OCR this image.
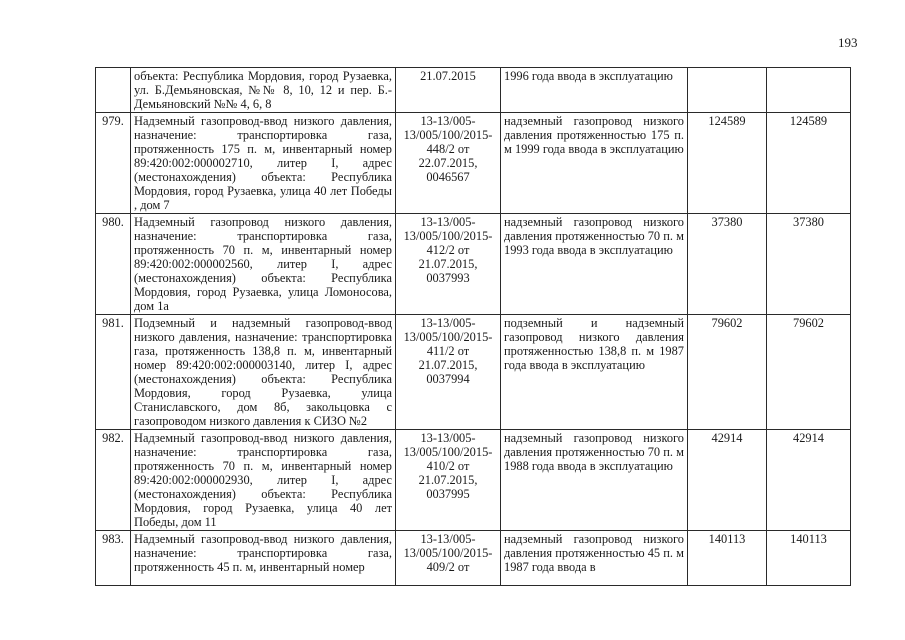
193
	объекта: Республика Мордовия, город Рузаевка, ул. Б.Демьяновская, №№ 8, 10, 12 и пер. Б.-Демьяновский №№ 4, 6, 8	21.07.2015	1996 года ввода в эксплуатацию		
979.	Надземный газопровод-ввод низкого давления, назначение: транспортировка газа, протяженность 175 п. м, инвентарный номер 89:420:002:000002710, литер I, адрес (местонахождения) объекта: Республика Мордовия, город Рузаевка, улица 40 лет Победы , дом 7	13-13/005-13/005/100/2015-448/2 от 22.07.2015, 0046567	надземный газопровод низкого давления протяженностью 175 п. м 1999 года ввода в эксплуатацию	124589	124589
980.	Надземный газопровод низкого давления, назначение: транспортировка газа, протяженность 70 п. м, инвентарный номер 89:420:002:000002560, литер I, адрес (местонахождения) объекта: Республика Мордовия, город Рузаевка, улица Ломоносова, дом 1а	13-13/005-13/005/100/2015-412/2 от 21.07.2015, 0037993	надземный газопровод низкого давления протяженностью 70 п. м 1993 года ввода в эксплуатацию	37380	37380
981.	Подземный и надземный газопровод-ввод низкого давления, назначение: транспортировка газа, протяженность 138,8 п. м, инвентарный номер 89:420:002:000003140, литер I, адрес (местонахождения) объекта: Республика Мордовия, город Рузаевка, улица Станиславского, дом 8б, закольцовка с газопроводом низкого давления к СИЗО №2	13-13/005-13/005/100/2015-411/2 от 21.07.2015, 0037994	подземный и надземный газопровод низкого давления протяженностью 138,8 п. м 1987 года ввода в эксплуатацию	79602	79602
982.	Надземный газопровод-ввод низкого давления, назначение: транспортировка газа, протяженность 70 п. м, инвентарный номер 89:420:002:000002930, литер I, адрес (местонахождения) объекта: Республика Мордовия, город Рузаевка, улица 40 лет Победы, дом 11	13-13/005-13/005/100/2015-410/2 от 21.07.2015, 0037995	надземный газопровод низкого давления протяженностью 70 п. м 1988 года ввода в эксплуатацию	42914	42914
983.	Надземный газопровод-ввод низкого давления, назначение: транспортировка газа, протяженность 45 п. м, инвентарный номер	13-13/005-13/005/100/2015-409/2 от	надземный газопровод низкого давления протяженностью 45 п. м 1987 года ввода в	140113	140113
